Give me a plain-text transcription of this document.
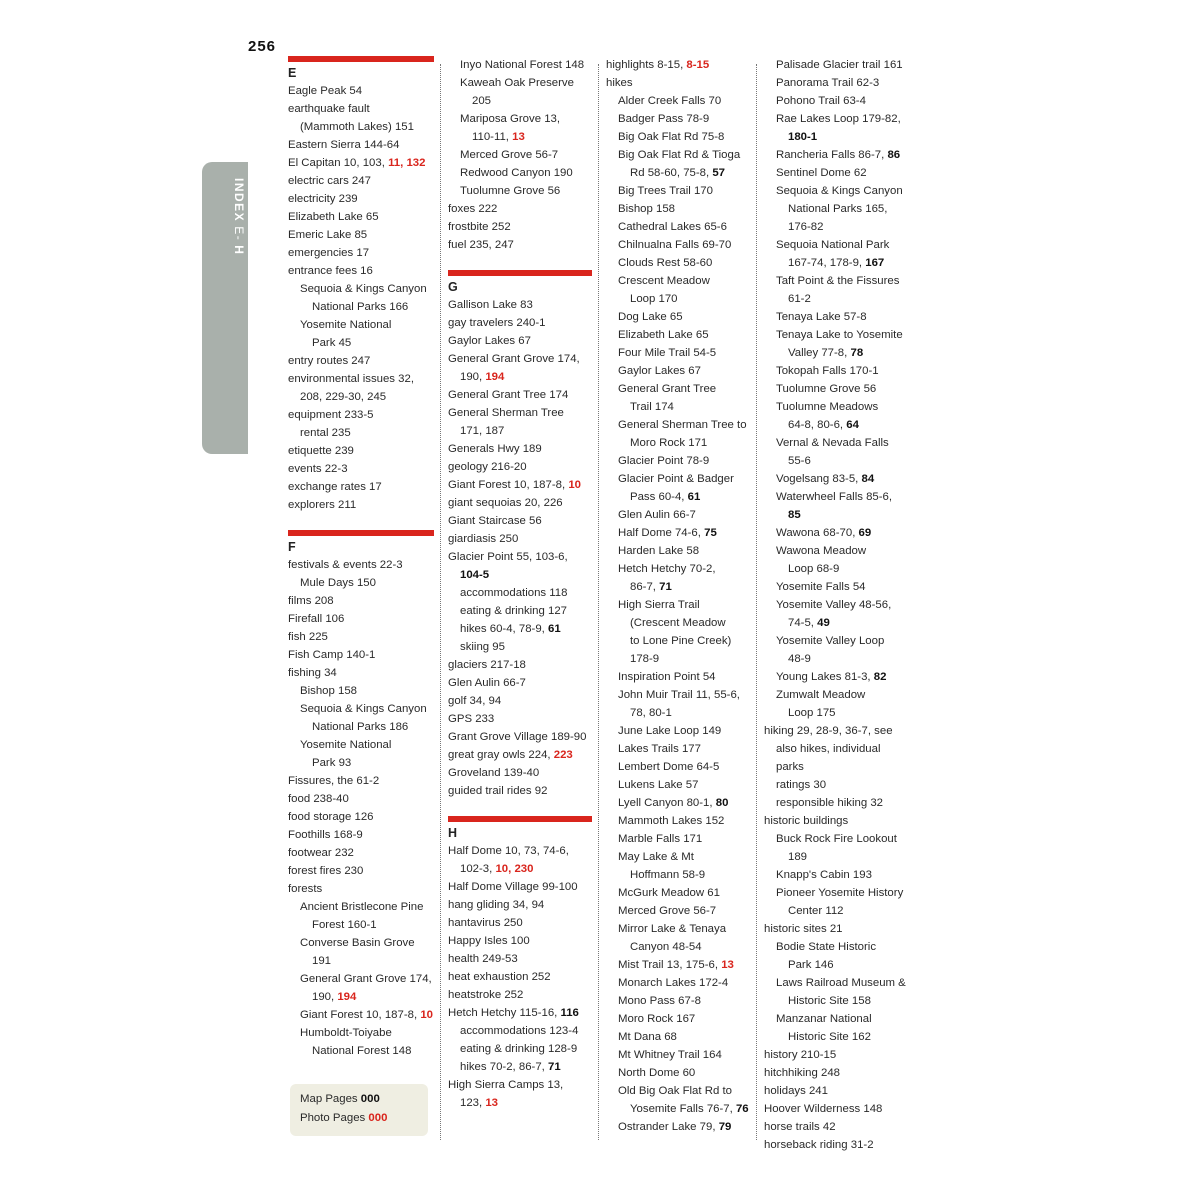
256
INDEXE-H
E
Eagle Peak 54
earthquake fault
(Mammoth Lakes) 151
Eastern Sierra 144-64
El Capitan 10, 103, 11, 132
electric cars 247
electricity 239
Elizabeth Lake 65
Emeric Lake 85
emergencies 17
entrance fees 16
Sequoia & Kings Canyon
National Parks 166
Yosemite National
Park 45
entry routes 247
environmental issues 32,
208, 229-30, 245
equipment 233-5
rental 235
etiquette 239
events 22-3
exchange rates 17
explorers 211
F
festivals & events 22-3
Mule Days 150
films 208
Firefall 106
fish 225
Fish Camp 140-1
fishing 34
Bishop 158
Sequoia & Kings Canyon
National Parks 186
Yosemite National
Park 93
Fissures, the 61-2
food 238-40
food storage 126
Foothills 168-9
footwear 232
forest fires 230
forests
Ancient Bristlecone Pine
Forest 160-1
Converse Basin Grove
191
General Grant Grove 174,
190, 194
Giant Forest 10, 187-8, 10
Humboldt-Toiyabe
National Forest 148
Inyo National Forest 148
Kaweah Oak Preserve
205
Mariposa Grove 13,
110-11, 13
Merced Grove 56-7
Redwood Canyon 190
Tuolumne Grove 56
foxes 222
frostbite 252
fuel 235, 247
G
Gallison Lake 83
gay travelers 240-1
Gaylor Lakes 67
General Grant Grove 174,
190, 194
General Grant Tree 174
General Sherman Tree
171, 187
Generals Hwy 189
geology 216-20
Giant Forest 10, 187-8, 10
giant sequoias 20, 226
Giant Staircase 56
giardiasis 250
Glacier Point 55, 103-6,
104-5
accommodations 118
eating & drinking 127
hikes 60-4, 78-9, 61
skiing 95
glaciers 217-18
Glen Aulin 66-7
golf 34, 94
GPS 233
Grant Grove Village 189-90
great gray owls 224, 223
Groveland 139-40
guided trail rides 92
H
Half Dome 10, 73, 74-6,
102-3, 10, 230
Half Dome Village 99-100
hang gliding 34, 94
hantavirus 250
Happy Isles 100
health 249-53
heat exhaustion 252
heatstroke 252
Hetch Hetchy 115-16, 116
accommodations 123-4
eating & drinking 128-9
hikes 70-2, 86-7, 71
High Sierra Camps 13,
123, 13
highlights 8-15, 8-15
hikes
Alder Creek Falls 70
Badger Pass 78-9
Big Oak Flat Rd 75-8
Big Oak Flat Rd & Tioga
Rd 58-60, 75-8, 57
Big Trees Trail 170
Bishop 158
Cathedral Lakes 65-6
Chilnualna Falls 69-70
Clouds Rest 58-60
Crescent Meadow
Loop 170
Dog Lake 65
Elizabeth Lake 65
Four Mile Trail 54-5
Gaylor Lakes 67
General Grant Tree
Trail 174
General Sherman Tree to
Moro Rock 171
Glacier Point 78-9
Glacier Point & Badger
Pass 60-4, 61
Glen Aulin 66-7
Half Dome 74-6, 75
Harden Lake 58
Hetch Hetchy 70-2,
86-7, 71
High Sierra Trail
(Crescent Meadow
to Lone Pine Creek)
178-9
Inspiration Point 54
John Muir Trail 11, 55-6,
78, 80-1
June Lake Loop 149
Lakes Trails 177
Lembert Dome 64-5
Lukens Lake 57
Lyell Canyon 80-1, 80
Mammoth Lakes 152
Marble Falls 171
May Lake & Mt
Hoffmann 58-9
McGurk Meadow 61
Merced Grove 56-7
Mirror Lake & Tenaya
Canyon 48-54
Mist Trail 13, 175-6, 13
Monarch Lakes 172-4
Mono Pass 67-8
Moro Rock 167
Mt Dana 68
Mt Whitney Trail 164
North Dome 60
Old Big Oak Flat Rd to
Yosemite Falls 76-7, 76
Ostrander Lake 79, 79
Palisade Glacier trail 161
Panorama Trail 62-3
Pohono Trail 63-4
Rae Lakes Loop 179-82,
180-1
Rancheria Falls 86-7, 86
Sentinel Dome 62
Sequoia & Kings Canyon
National Parks 165,
176-82
Sequoia National Park
167-74, 178-9, 167
Taft Point & the Fissures
61-2
Tenaya Lake 57-8
Tenaya Lake to Yosemite
Valley 77-8, 78
Tokopah Falls 170-1
Tuolumne Grove 56
Tuolumne Meadows
64-8, 80-6, 64
Vernal & Nevada Falls
55-6
Vogelsang 83-5, 84
Waterwheel Falls 85-6,
85
Wawona 68-70, 69
Wawona Meadow
Loop 68-9
Yosemite Falls 54
Yosemite Valley 48-56,
74-5, 49
Yosemite Valley Loop
48-9
Young Lakes 81-3, 82
Zumwalt Meadow
Loop 175
hiking 29, 28-9, 36-7, see
also hikes, individual
parks
ratings 30
responsible hiking 32
historic buildings
Buck Rock Fire Lookout
189
Knapp's Cabin 193
Pioneer Yosemite History
Center 112
historic sites 21
Bodie State Historic
Park 146
Laws Railroad Museum &
Historic Site 158
Manzanar National
Historic Site 162
history 210-15
hitchhiking 248
holidays 241
Hoover Wilderness 148
horse trails 42
horseback riding 31-2
Map Pages 000
Photo Pages 000
